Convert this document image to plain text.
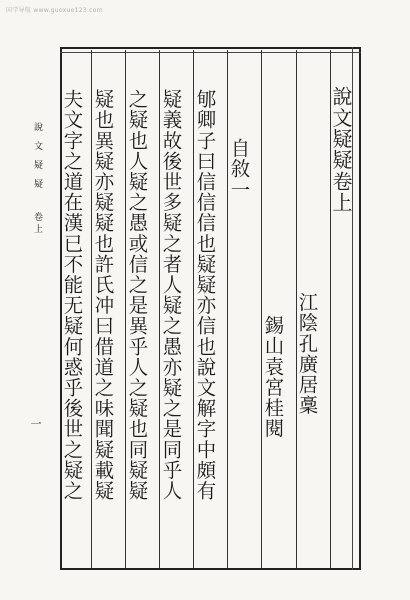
国学导航 www.guoxue123.com
說文疑疑
卷上
一
說文疑疑卷上
江陰孔廣居稾
錫山袁宮桂閱
自敘一
郇卿子曰信信信也疑疑亦信也說文解字中頗有
疑義故後世多疑之者人疑之愚亦疑之是同乎人
之疑也人疑之愚或信之是異乎人之疑也同疑疑
疑也異疑亦疑疑也許氏冲曰借道之味聞疑載疑
夫文字之道在漢已不能无疑何惑乎後世之疑之
